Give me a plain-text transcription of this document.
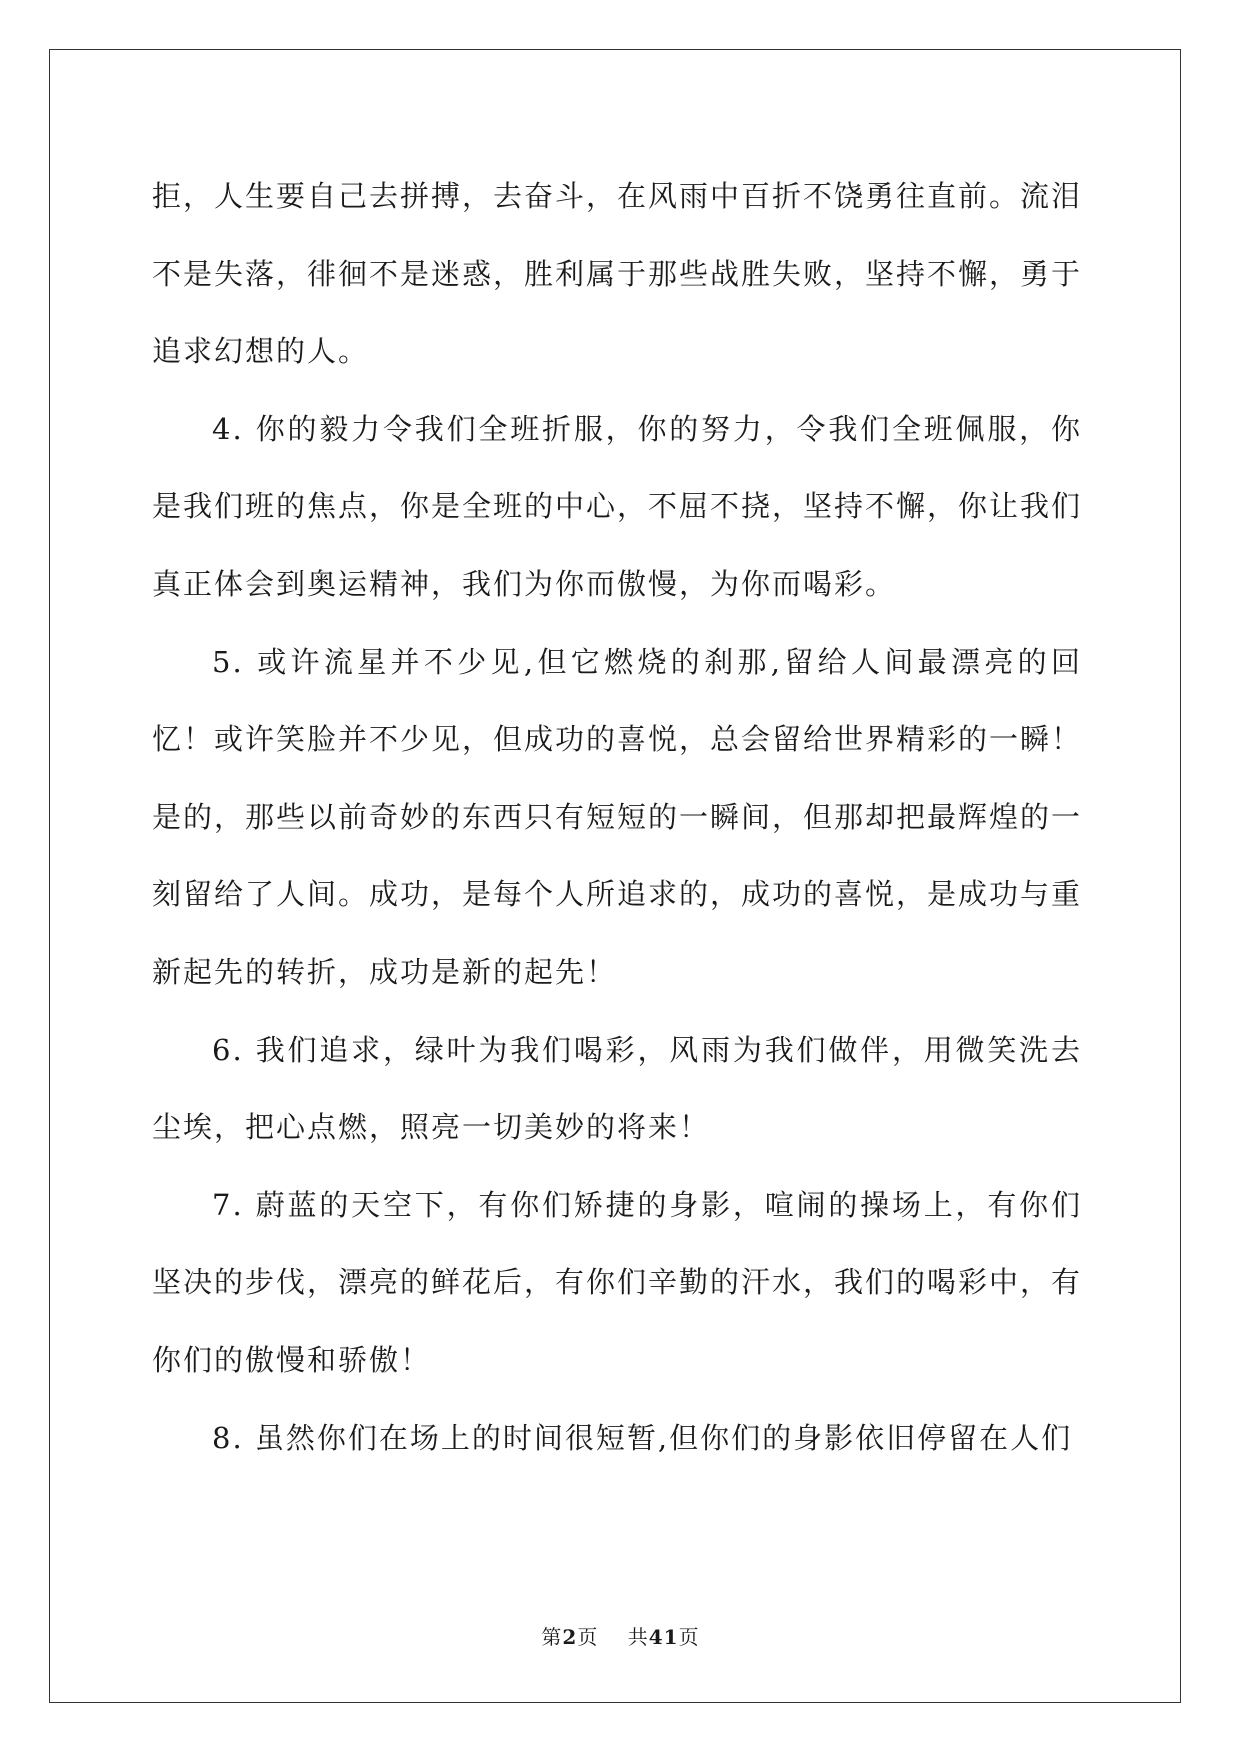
拒，人生要自己去拼搏，去奋斗，在风雨中百折不饶勇往直前。流泪不是失落，徘徊不是迷惑，胜利属于那些战胜失败，坚持不懈，勇于追求幻想的人。

4. 你的毅力令我们全班折服，你的努力，令我们全班佩服，你是我们班的焦点，你是全班的中心，不屈不挠，坚持不懈，你让我们真正体会到奥运精神，我们为你而傲慢，为你而喝彩。

5. 或许流星并不少见,但它燃烧的刹那,留给人间最漂亮的回忆！或许笑脸并不少见，但成功的喜悦，总会留给世界精彩的一瞬！是的，那些以前奇妙的东西只有短短的一瞬间，但那却把最辉煌的一刻留给了人间。成功，是每个人所追求的，成功的喜悦，是成功与重新起先的转折，成功是新的起先！

6. 我们追求，绿叶为我们喝彩，风雨为我们做伴，用微笑洗去尘埃，把心点燃，照亮一切美妙的将来！

7. 蔚蓝的天空下，有你们矫捷的身影，喧闹的操场上，有你们坚决的步伐，漂亮的鲜花后，有你们辛勤的汗水，我们的喝彩中，有你们的傲慢和骄傲！

8. 虽然你们在场上的时间很短暂,但你们的身影依旧停留在人们

第2页 共41页
